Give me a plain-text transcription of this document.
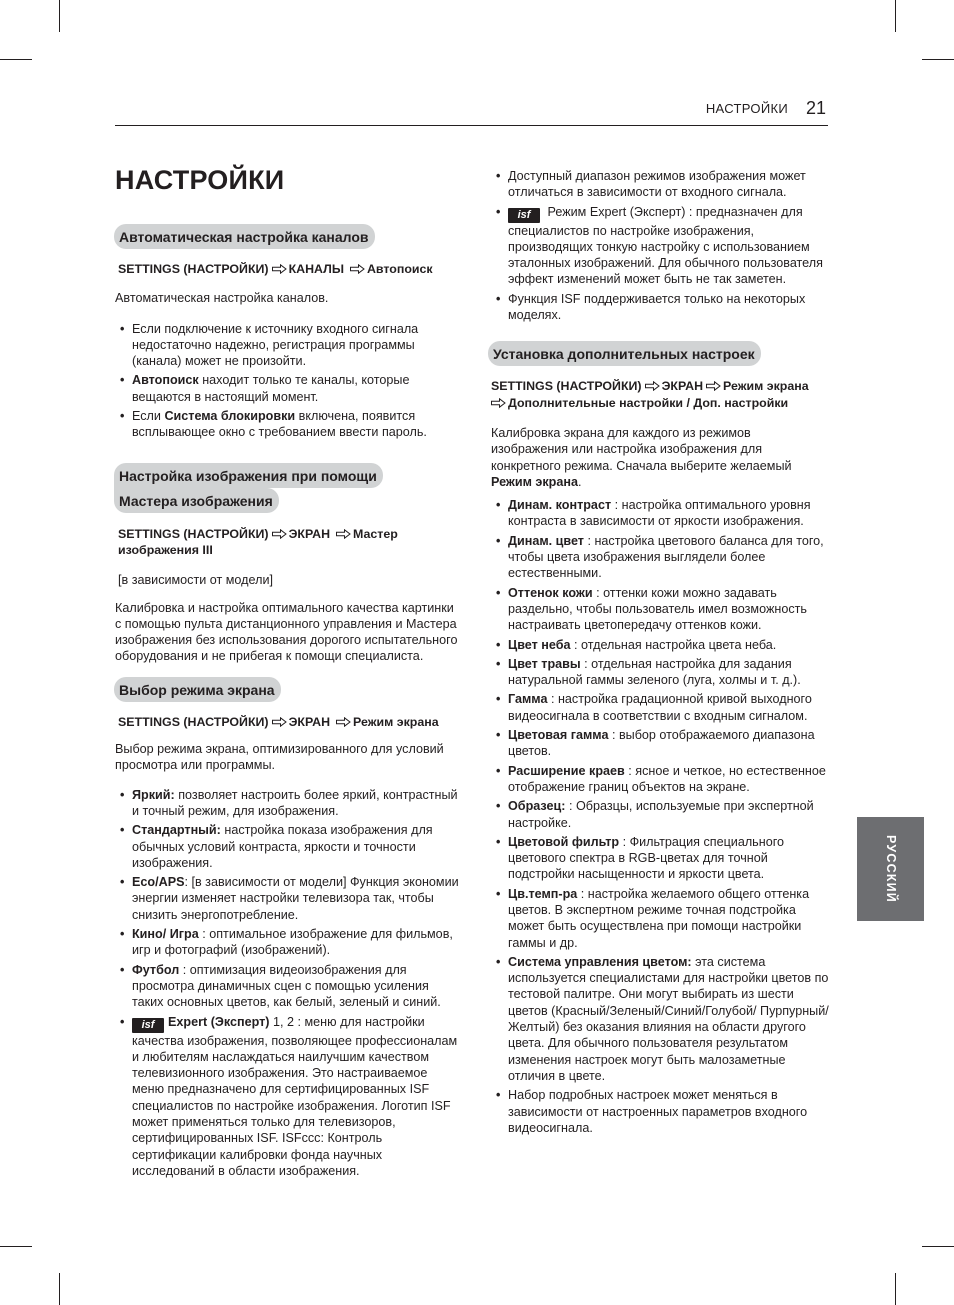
НАСТРОЙКИ 21
НАСТРОЙКИ
Автоматическая настройка каналов

SETTINGS (НАСТРОЙКИ) КАНАЛЫ Автопоиск

Автоматическая настройка каналов.

• Если подключение к источнику входного сигнала недостаточно надежно, регистрация программы (канала) может не произойти.
• Автопоиск находит только те каналы, которые вещаются в настоящий момент.
• Если Система блокировки включена, появится всплывающее окно с требованием ввести пароль.
Настройка изображения при помощи
Мастера изображения

SETTINGS (НАСТРОЙКИ) ЭКРАН Мастер изображения III

[в зависимости от модели]

Калибровка и настройка оптимального качества картинки с помощью пульта дистанционного управления и Мастера изображения без использования дорогого испытательного оборудования и не прибегая к помощи специалиста.

Выбор режима экрана

SETTINGS (НАСТРОЙКИ) ЭКРАН Режим экрана

Выбор режима экрана, оптимизированного для условий просмотра или программы.

• Яркий: позволяет настроить более яркий, контрастный и точный режим, для изображения.
• Стандартный: настройка показа изображения для обычных условий контраста, яркости и точности изображения.
• Eco/APS: [в зависимости от модели] Функция экономии энергии изменяет настройки телевизора так, чтобы снизить энергопотребление.
• Кино/ Игра : оптимальное изображение для фильмов, игр и фотографий (изображений).
• Футбол : оптимизация видеоизображения для просмотра динамичных сцен с помощью усиления таких основных цветов, как белый, зеленый и синий.
• isf Expert (Эксперт) 1, 2 : меню для настройки качества изображения, позволяющее профессионалам и любителям наслаждаться наилучшим качеством телевизионного изображения. Это настраиваемое меню предназначено для сертифицированных ISF специалистов по настройке изображения. Логотип ISF может применяться только для телевизоров, сертифицированных ISF. ISFccc: Контроль сертификации калибровки фонда научных исследований в области изображения.
• Доступный диапазон режимов изображения может отличаться в зависимости от входного сигнала.
• isf Режим Expert (Эксперт) : предназначен для специалистов по настройке изображения, производящих тонкую настройку с использованием эталонных изображений. Для обычного пользователя эффект изменений может быть не так заметен.
• Функция ISF поддерживается только на некоторых моделях.
Установка дополнительных настроек

SETTINGS (НАСТРОЙКИ) ЭКРАН Режим экрана

Дополнительные настройки / Доп. настройки

Калибровка экрана для каждого из режимов изображения или настройка изображения для конкретного режима. Сначала выберите желаемый Режим экрана.

• Динам. контраст : настройка оптимального уровня контраста в зависимости от яркости изображения.
• Динам. цвет : настройка цветового баланса для того, чтобы цвета изображения выглядели более естественными.
• Оттенок кожи : оттенки кожи можно задавать раздельно, чтобы пользователь имел возможность настраивать цветопередачу оттенков кожи.
• Цвет неба : отдельная настройка цвета неба.
• Цвет травы : отдельная настройка для задания натуральной гаммы зеленого (луга, холмы и т. д.).
• Гамма : настройка градационной кривой выходного видеосигнала в соответствии с входным сигналом.
• Цветовая гамма : выбор отображаемого диапазона цветов.
• Расширение краев : ясное и четкое, но естественное отображение границ объектов на экране.
• Образец: : Образцы, используемые при экспертной настройке.
• Цветовой фильтр : Фильтрация специального цветового спектра в RGB-цветах для точной подстройки насыщенности и яркости цвета.
• Цв.темп-ра : настройка желаемого общего оттенка цветов. В экспертном режиме точная подстройка может быть осуществлена при помощи настройки гаммы и др.
• Система управления цветом: эта система используется специалистами для настройки цветов по тестовой палитре. Они могут выбирать из шести цветов (Красный/Зеленый/Синий/Голубой/ Пурпурный/Желтый) без оказания влияния на области другого цвета. Для обычного пользователя результатом изменения настроек могут быть малозаметные отличия в цвете.
• Набор подробных настроек может меняться в зависимости от настроенных параметров входного видеосигнала.
РУССКИЙ
